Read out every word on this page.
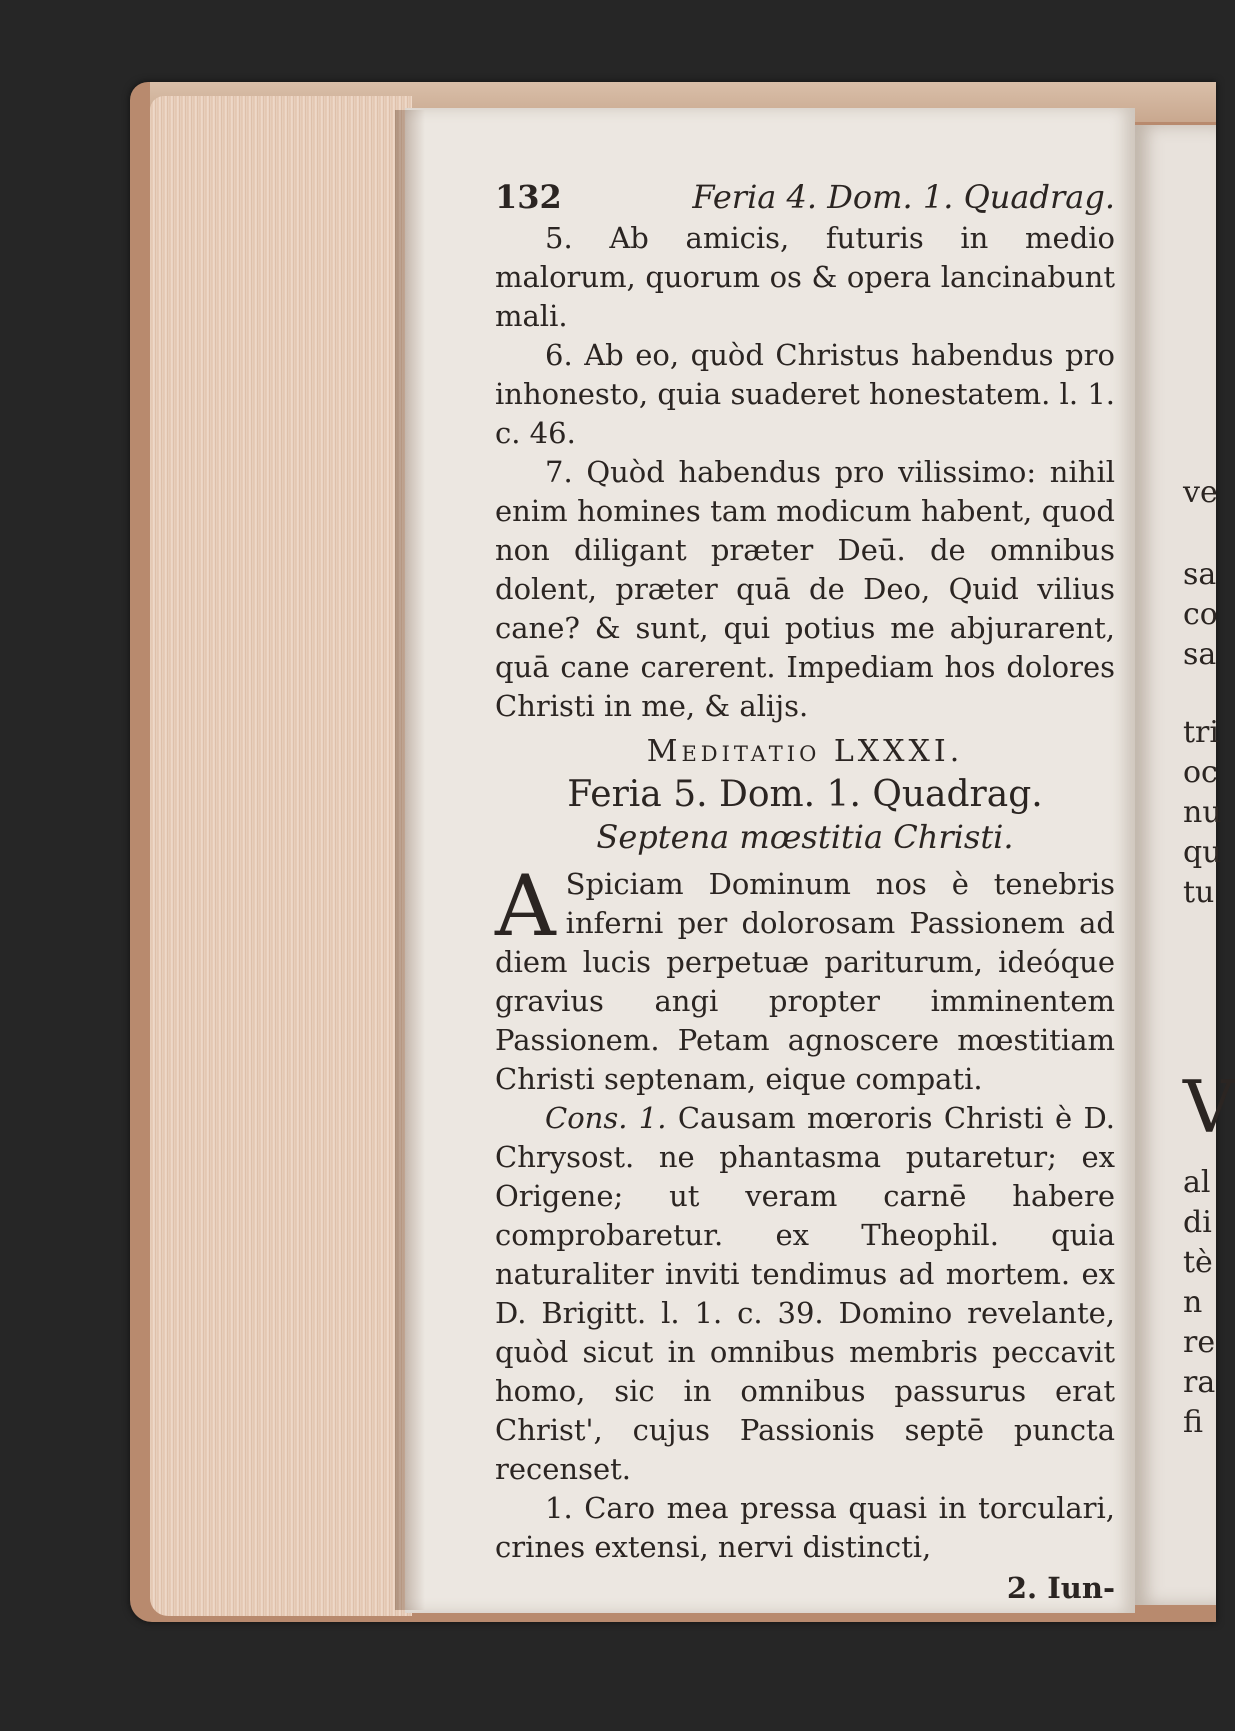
132	Feria 4. Dom. 1. Quadrag.

5. Ab amicis, futuris in medio malorum, quorum os & opera lancinabunt mali.

6. Ab eo, quòd Christus habendus pro inhonesto, quia suaderet honestatem. l. 1. c. 46.

7. Quòd habendus pro vilissimo: nihil enim homines tam modicum habent, quod non diligant præter Deū. de omnibus dolent, præter quā de Deo, Quid vilius cane? & sunt, qui potius me abjurarent, quā cane carerent. Impediam hos dolores Christi in me, & alijs.

Meditatio LXXXI.
Feria 5. Dom. 1. Quadrag.
Septena mœstitia Christi.

A Spiciam Dominum nos è tenebris inferni per dolorosam Passionem ad diem lucis perpetuæ pariturum, ideóque gravius angi propter imminentem Passionem. Petam agnoscere mœstitiam Christi septenam, eique compati.

Cons. 1. Causam mœroris Christi è D. Chrysost. ne phantasma putaretur; ex Origene; ut veram carnē habere comprobaretur. ex Theophil. quia naturaliter inviti tendimus ad mortem. ex D. Brigitt. l. 1. c. 39. Domino revelante, quòd sicut in omnibus membris peccavit homo, sic in omnibus passurus erat Christ', cujus Passionis septē puncta recenset.

1. Caro mea pressa quasi in torculari, crines extensi, nervi distincti,

2. Iun-
ve
sa
co
sa
tri
oc
nu
qu
tu
V
al
di
tè
n
re
ra
fi
